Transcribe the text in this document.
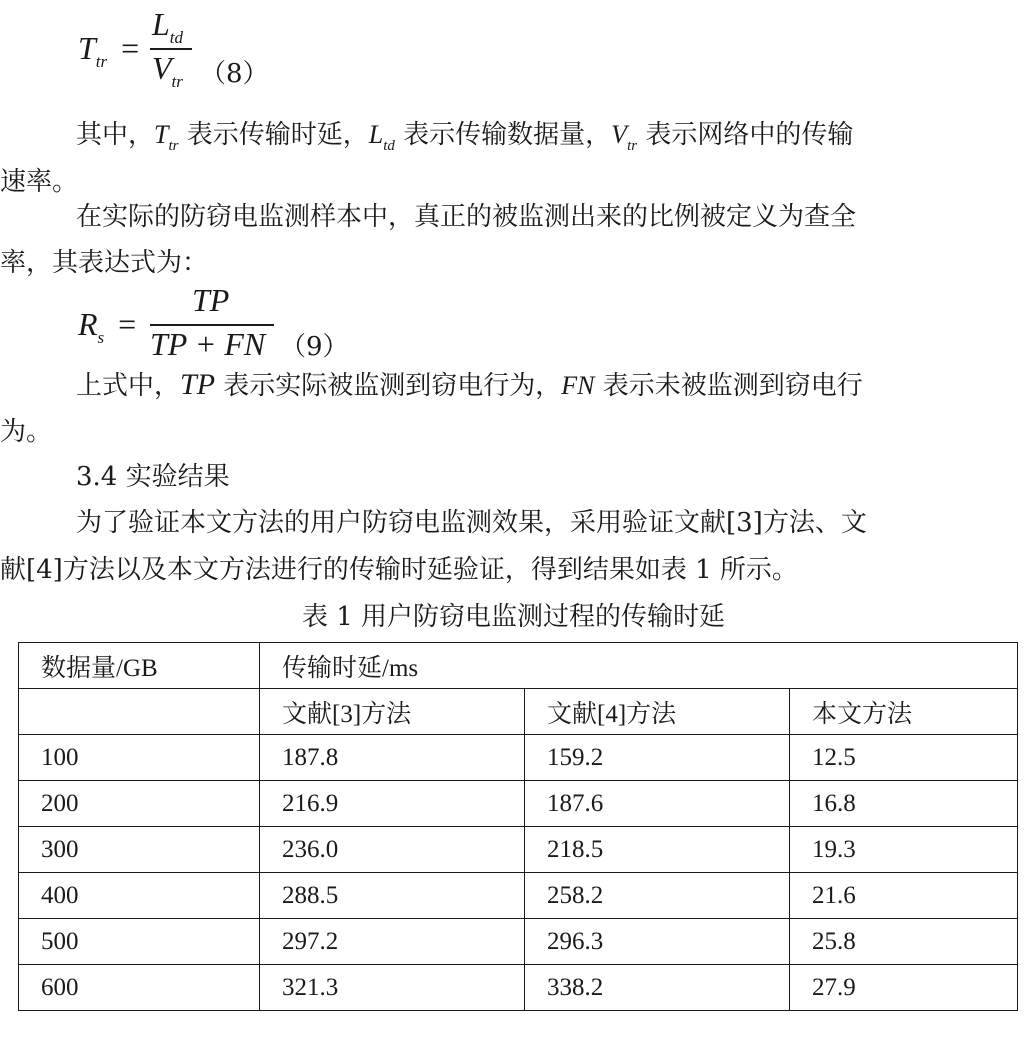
$T_{tr}$ =
$L_{td}$
$V_{tr}$ （8）
其中，$T_{tr}$ 表示传输时延，$L_{td}$ 表示传输数据量，$V_{tr}$ 表示网络中的传输
速率。
在实际的防窃电监测样本中，真正的被监测出来的比例被定义为查全
率，其表达式为：
$R_s$ =
TP
TP + FN （9）
上式中，TP 表示实际被监测到窃电行为，FN 表示未被监测到窃电行
为。
3.4 实验结果
为了验证本文方法的用户防窃电监测效果，采用验证文献[3]方法、文
献[4]方法以及本文方法进行的传输时延验证，得到结果如表 1 所示。
表 1 用户防窃电监测过程的传输时延
数据量/GB	传输时延/ms		
	文献[3]方法	文献[4]方法	本文方法
100	187.8	159.2	12.5
200	216.9	187.6	16.8
300	236.0	218.5	19.3
400	288.5	258.2	21.6
500	297.2	296.3	25.8
600	321.3	338.2	27.9
